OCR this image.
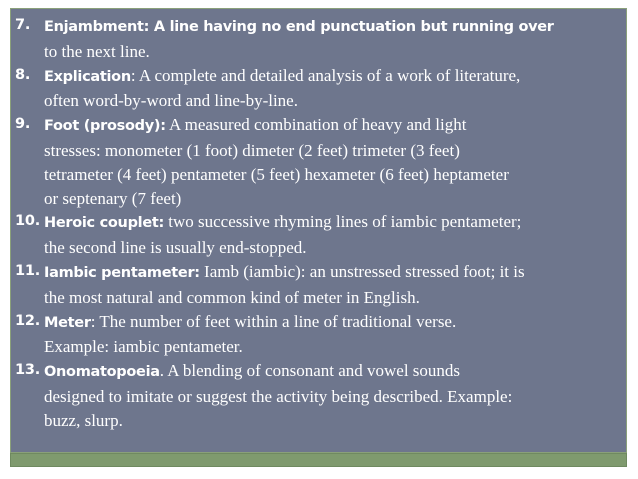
7. Enjambment: A line having no end punctuation but running over
to the next line.
8. Explication: A complete and detailed analysis of a work of literature,
often word-by-word and line-by-line.
9. Foot (prosody): A measured combination of heavy and light
stresses: monometer (1 foot) dimeter (2 feet) trimeter (3 feet)
tetrameter (4 feet) pentameter (5 feet) hexameter (6 feet) heptameter
or septenary (7 feet)
10. Heroic couplet: two successive rhyming lines of iambic pentameter;
the second line is usually end-stopped.
11. Iambic pentameter: Iamb (iambic): an unstressed stressed foot; it is
the most natural and common kind of meter in English.
12. Meter: The number of feet within a line of traditional verse.
Example: iambic pentameter.
13. Onomatopoeia. A blending of consonant and vowel sounds
designed to imitate or suggest the activity being described. Example:
buzz, slurp.
